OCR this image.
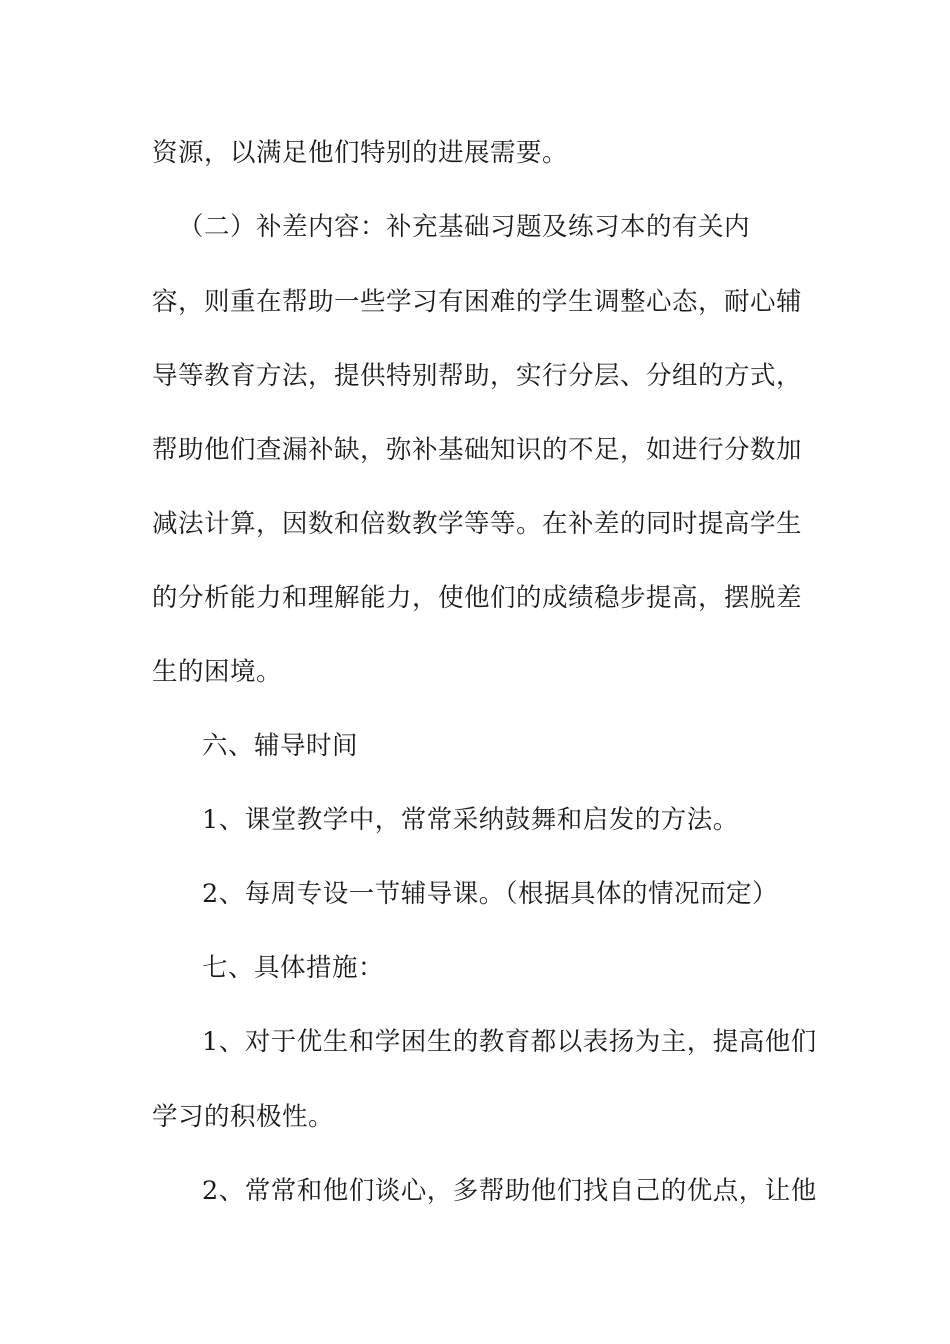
资源，以满足他们特别的进展需要。
（二）补差内容：补充基础习题及练习本的有关内
容，则重在帮助一些学习有困难的学生调整心态，耐心辅
导等教育方法，提供特别帮助，实行分层、分组的方式，
帮助他们查漏补缺，弥补基础知识的不足，如进行分数加
减法计算，因数和倍数教学等等。在补差的同时提高学生
的分析能力和理解能力，使他们的成绩稳步提高，摆脱差
生的困境。
六、辅导时间
1、课堂教学中，常常采纳鼓舞和启发的方法。
2、每周专设一节辅导课。（根据具体的情况而定）
七、具体措施：
1、对于优生和学困生的教育都以表扬为主，提高他们
学习的积极性。
2、常常和他们谈心，多帮助他们找自己的优点，让他
